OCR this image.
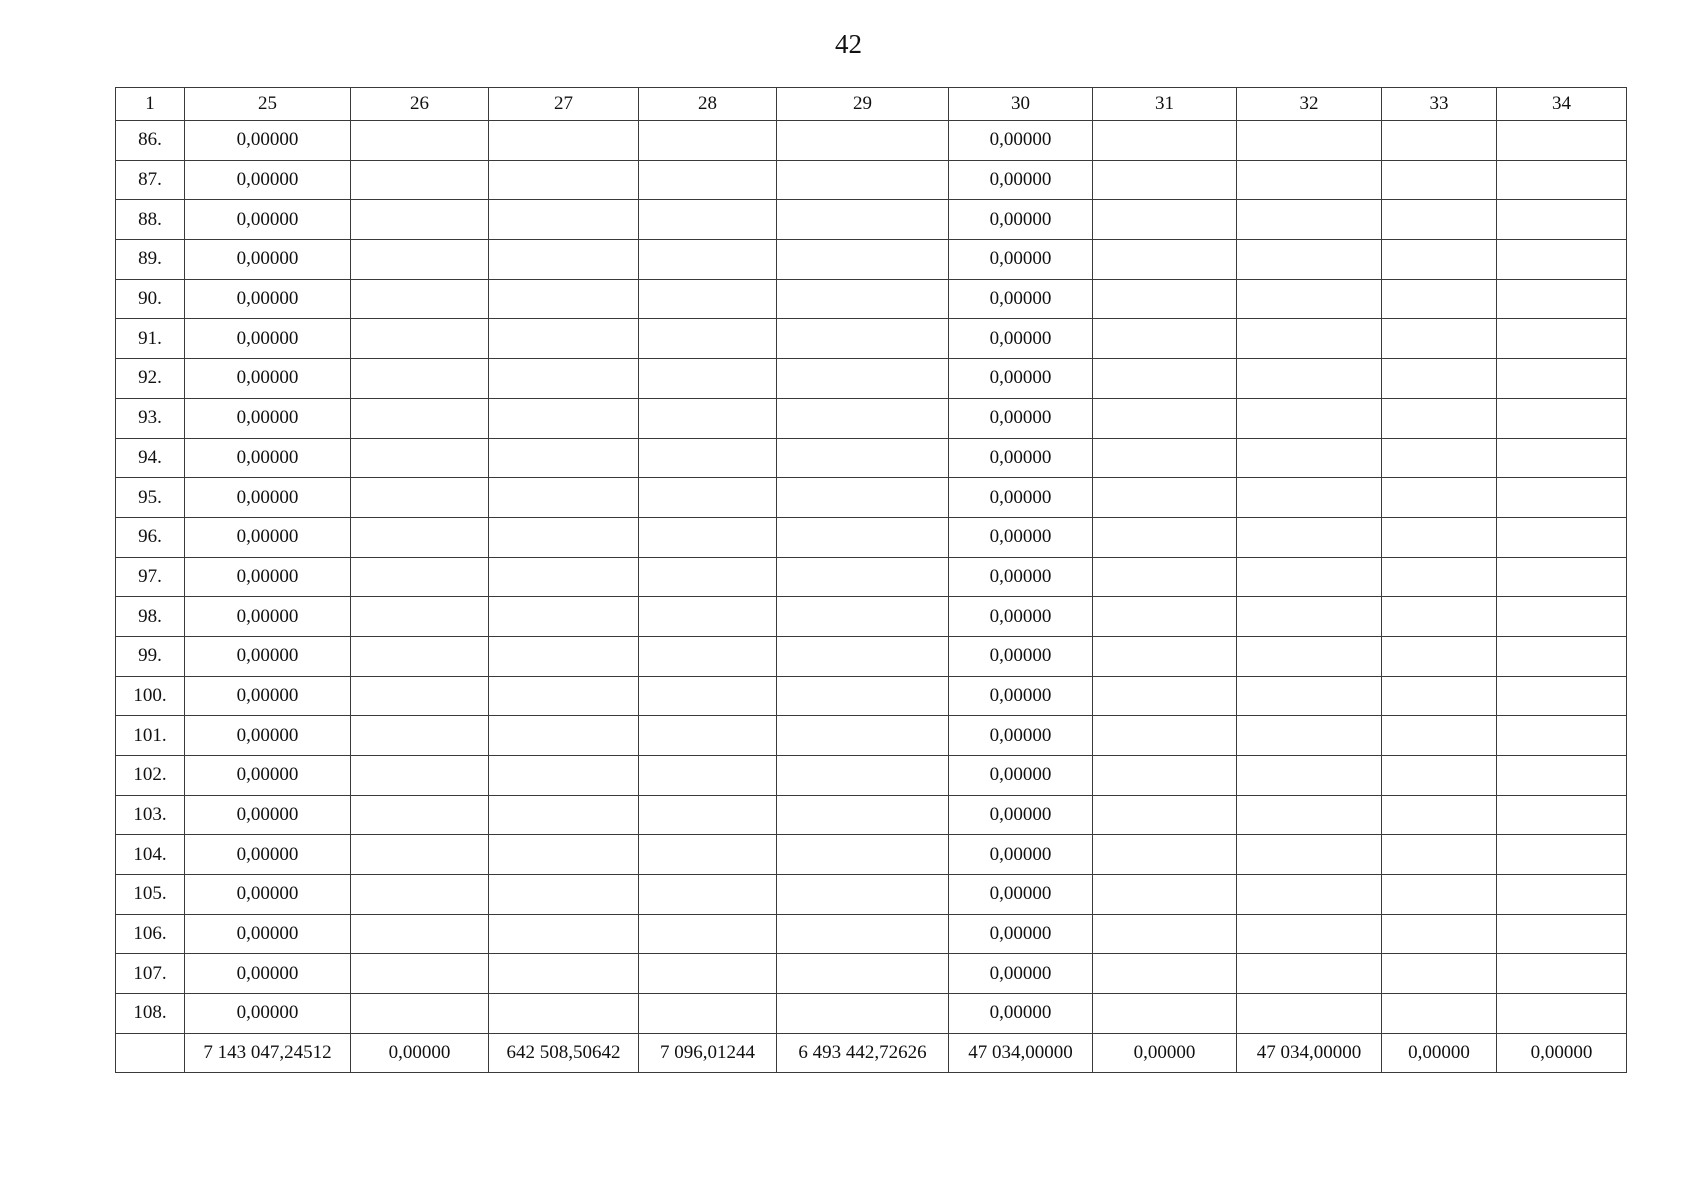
42
1	25	26	27	28	29	30	31	32	33	34
86.	0,00000					0,00000				
87.	0,00000					0,00000				
88.	0,00000					0,00000				
89.	0,00000					0,00000				
90.	0,00000					0,00000				
91.	0,00000					0,00000				
92.	0,00000					0,00000				
93.	0,00000					0,00000				
94.	0,00000					0,00000				
95.	0,00000					0,00000				
96.	0,00000					0,00000				
97.	0,00000					0,00000				
98.	0,00000					0,00000				
99.	0,00000					0,00000				
100.	0,00000					0,00000				
101.	0,00000					0,00000				
102.	0,00000					0,00000				
103.	0,00000					0,00000				
104.	0,00000					0,00000				
105.	0,00000					0,00000				
106.	0,00000					0,00000				
107.	0,00000					0,00000				
108.	0,00000					0,00000				
	7 143 047,24512	0,00000	642 508,50642	7 096,01244	6 493 442,72626	47 034,00000	0,00000	47 034,00000	0,00000	0,00000
